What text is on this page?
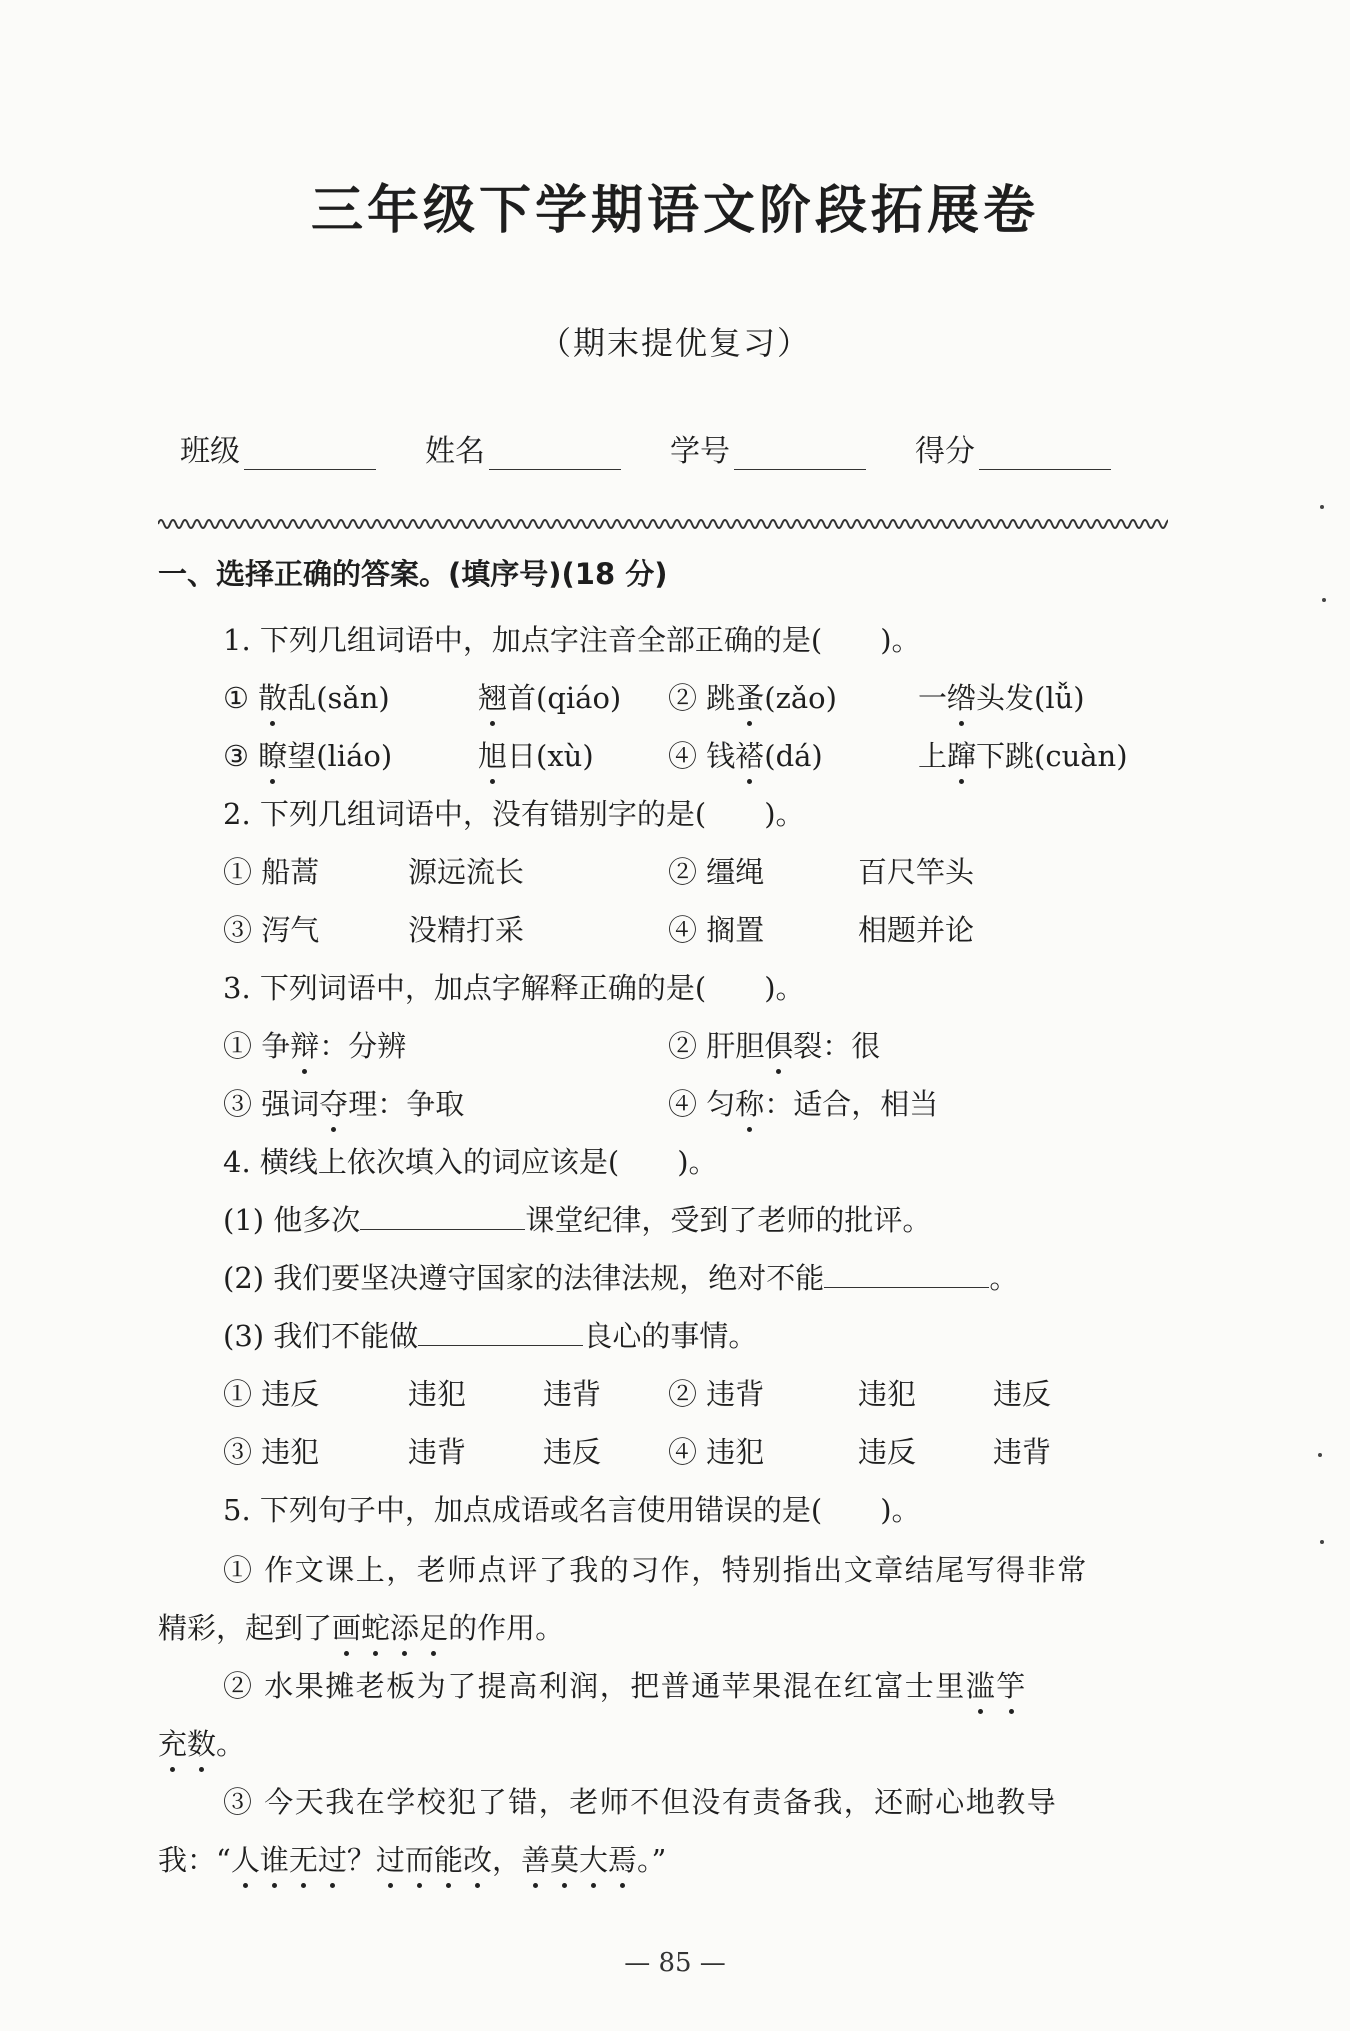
三年级下学期语文阶段拓展卷
（期末提优复习）
班级	姓名	学号	得分
一、选择正确的答案。(填序号)(18 分)
1. 下列几组词语中，加点字注音全部正确的是(　　)。
① 散乱(sǎn)	翘首(qiáo) ② 跳蚤(zǎo)	一绺头发(lǚ)
③ 瞭望(liáo)	旭日(xù)	④ 钱褡(dá)	上蹿下跳(cuàn)
2. 下列几组词语中，没有错别字的是(　　)。
① 船蒿	源远流长	② 缰绳	百尺竿头
③ 泻气	没精打采	④ 搁置	相题并论
3. 下列词语中，加点字解释正确的是(　　)。
① 争辩：分辨	② 肝胆俱裂：很
③ 强词夺理：争取	④ 匀称：适合，相当
4. 横线上依次填入的词应该是(　　)。
(1) 他多次	课堂纪律，受到了老师的批评。
(2) 我们要坚决遵守国家的法律法规，绝对不能	。
(3) 我们不能做	良心的事情。
① 违反	违犯	违背 ② 违背	违犯	违反
③ 违犯	违背	违反 ④ 违犯	违反	违背
5. 下列句子中，加点成语或名言使用错误的是(　　)。
① 作文课上，老师点评了我的习作，特别指出文章结尾写得非常
精彩，起到了画蛇添足的作用。
② 水果摊老板为了提高利润，把普通苹果混在红富士里滥竽
充数。
③ 今天我在学校犯了错，老师不但没有责备我，还耐心地教导
我：“人谁无过？过而能改，善莫大焉。”
— 85 —
